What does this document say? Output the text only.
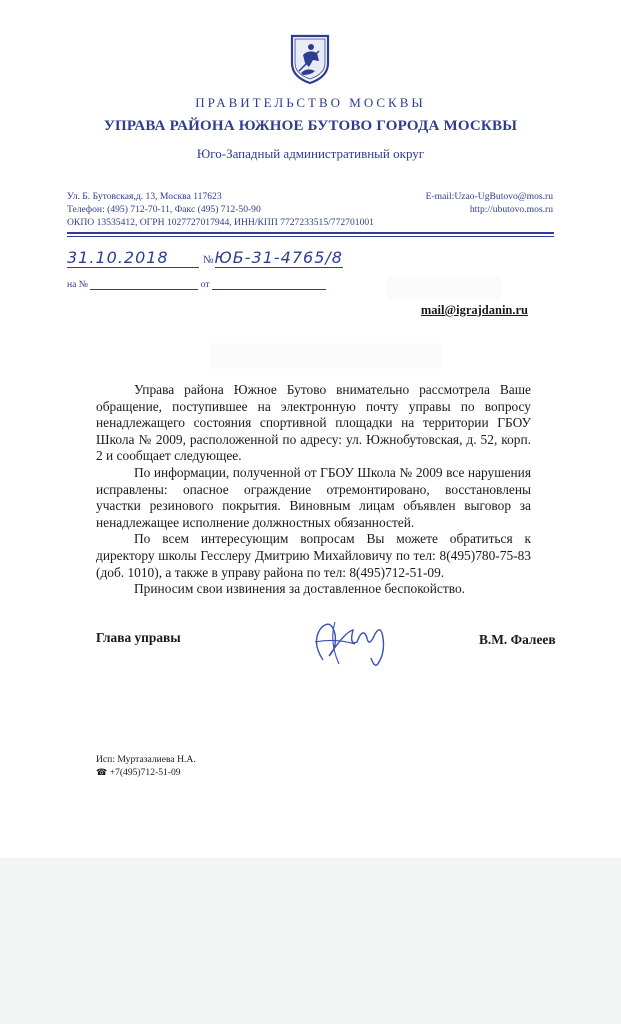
ПРАВИТЕЛЬСТВО МОСКВЫ
УПРАВА РАЙОНА ЮЖНОЕ БУТОВО ГОРОДА МОСКВЫ
Юго-Западный административный округ
Ул. Б. Бутовская,д. 13, Москва 117623
Телефон: (495) 712-70-11, Факс (495) 712-50-90
ОКПО 13535412, ОГРН 1027727017944, ИНН/КПП 7727233515/772701001
E-mail:Uzao-UgButovo@mos.ru
http://ubutovo.mos.ru
31.10.2018	№ЮБ-31-4765/8
на №	от
mail@igrajdanin.ru

Управа района Южное Бутово внимательно рассмотрела Ваше обращение, поступившее на электронную почту управы по вопросу ненадлежащего состояния спортивной площадки на территории ГБОУ Школа № 2009, расположенной по адресу: ул. Южнобутовская, д. 52, корп. 2 и сообщает следующее.

По информации, полученной от ГБОУ Школа № 2009 все нарушения исправлены: опасное ограждение отремонтировано, восстановлены участки резинового покрытия. Виновным лицам объявлен выговор за ненадлежащее исполнение должностных обязанностей.

По всем интересующим вопросам Вы можете обратиться к директору школы Гесслеру Дмитрию Михайловичу по тел: 8(495)780-75-83 (доб. 1010), а также в управу района по тел: 8(495)712-51-09.

Приносим свои извинения за доставленное беспокойство.

Глава управы	В.М. Фалеев
Исп: Муртазалиева Н.А.
☎ +7(495)712-51-09
